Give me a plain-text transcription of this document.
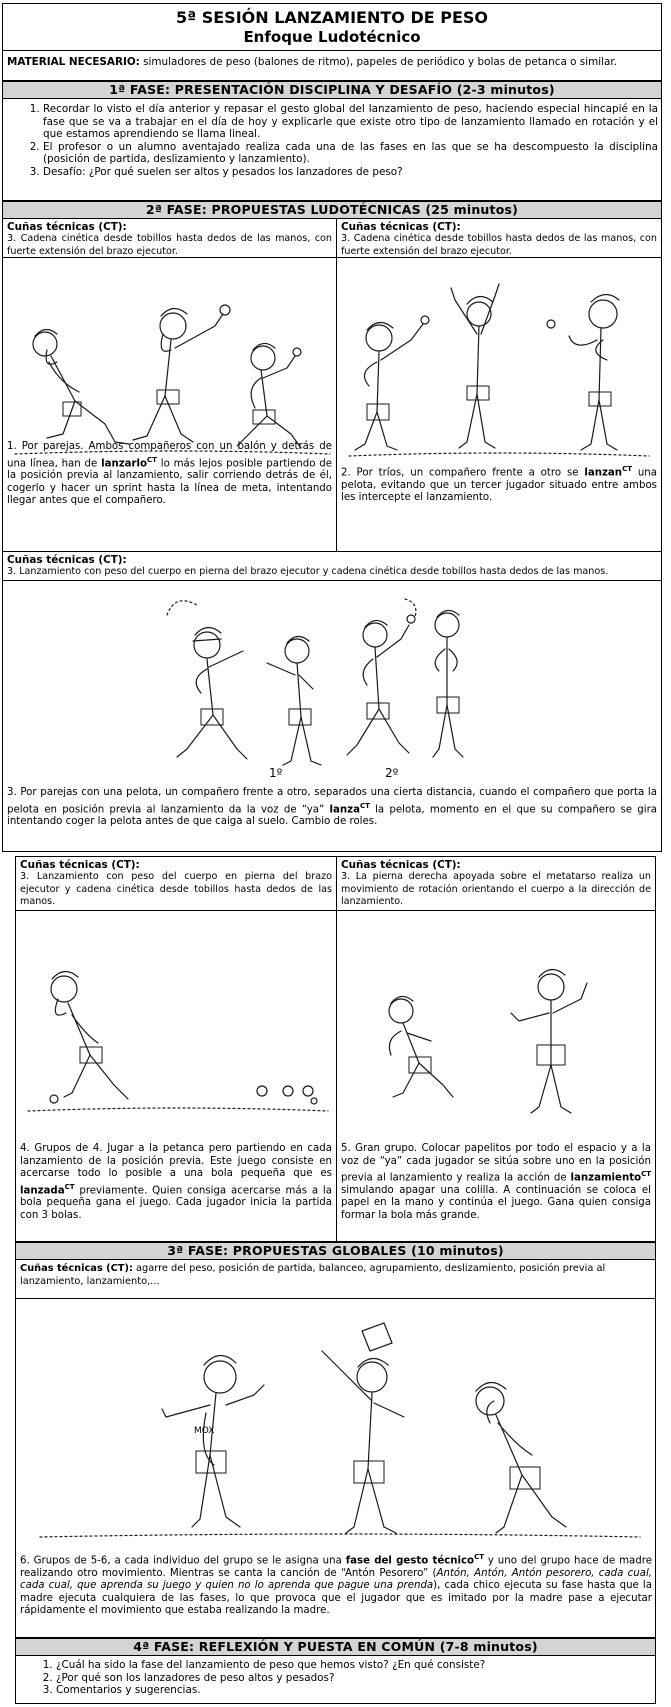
5ª SESIÓN LANZAMIENTO DE PESO
Enfoque Ludotécnico
MATERIAL NECESARIO: simuladores de peso (balones de ritmo), papeles de periódico y bolas de petanca o similar.
1ª FASE: PRESENTACIÓN DISCIPLINA Y DESAFÍO (2-3 minutos)
1. Recordar lo visto el día anterior y repasar el gesto global del lanzamiento de peso, haciendo especial hincapié en la fase que se va a trabajar en el día de hoy y explicarle que existe otro tipo de lanzamiento llamado en rotación y el que estamos aprendiendo se llama lineal.
2. El profesor o un alumno aventajado realiza cada una de las fases en las que se ha descompuesto la disciplina (posición de partida, deslizamiento y lanzamiento).
3. Desafío: ¿Por qué suelen ser altos y pesados los lanzadores de peso?
2ª FASE: PROPUESTAS LUDOTÉCNICAS (25 minutos)
Cuñas técnicas (CT):
3. Cadena cinética desde tobillos hasta dedos de las manos, con fuerte extensión del brazo ejecutor.
Cuñas técnicas (CT):
3. Cadena cinética desde tobillos hasta dedos de las manos, con fuerte extensión del brazo ejecutor.
1. Por parejas. Ambos compañeros con un balón y detrás de una línea, han de lanzarlo$^{CT}$ lo más lejos posible partiendo de la posición previa al lanzamiento, salir corriendo detrás de él, cogerlo y hacer un sprint hasta la línea de meta, intentando llegar antes que el compañero.
2. Por tríos, un compañero frente a otro se lanzan$^{CT}$ una pelota, evitando que un tercer jugador situado entre ambos les intercepte el lanzamiento.
Cuñas técnicas (CT):
3. Lanzamiento con peso del cuerpo en pierna del brazo ejecutor y cadena cinética desde tobillos hasta dedos de las manos.
1º	2º
3. Por parejas con una pelota, un compañero frente a otro, separados una cierta distancia, cuando el compañero que porta la pelota en posición previa al lanzamiento da la voz de “ya” lanza$^{CT}$ la pelota, momento en el que su compañero se gira intentando coger la pelota antes de que caiga al suelo. Cambio de roles.
Cuñas técnicas (CT):
3. Lanzamiento con peso del cuerpo en pierna del brazo ejecutor y cadena cinética desde tobillos hasta dedos de las manos.
Cuñas técnicas (CT):
3. La pierna derecha apoyada sobre el metatarso realiza un movimiento de rotación orientando el cuerpo a la dirección de lanzamiento.
4. Grupos de 4. Jugar a la petanca pero partiendo en cada lanzamiento de la posición previa. Este juego consiste en acercarse todo lo posible a una bola pequeña que es lanzada$^{CT}$ previamente. Quien consiga acercarse más a la bola pequeña gana el juego. Cada jugador inicia la partida con 3 bolas.
5. Gran grupo. Colocar papelitos por todo el espacio y a la voz de “ya” cada jugador se sitúa sobre uno en la posición previa al lanzamiento y realiza la acción de lanzamiento$^{CT}$ simulando apagar una colilla. A continuación se coloca el papel en la mano y continúa el juego. Gana quien consiga formar la bola más grande.
3ª FASE: PROPUESTAS GLOBALES (10 minutos)
Cuñas técnicas (CT): agarre del peso, posición de partida, balanceo, agrupamiento, deslizamiento, posición previa al lanzamiento, lanzamiento,...
MOX
6. Grupos de 5-6, a cada individuo del grupo se le asigna una fase del gesto técnico$^{CT}$ y uno del grupo hace de madre realizando otro movimiento. Mientras se canta la canción de “Antón Pesorero” (Antón, Antón, Antón pesorero, cada cual, cada cual, que aprenda su juego y quien no lo aprenda que pague una prenda), cada chico ejecuta su fase hasta que la madre ejecuta cualquiera de las fases, lo que provoca que el jugador que es imitado por la madre pase a ejecutar rápidamente el movimiento que estaba realizando la madre.
4ª FASE: REFLEXIÓN Y PUESTA EN COMÚN (7-8 minutos)
1. ¿Cuál ha sido la fase del lanzamiento de peso que hemos visto? ¿En qué consiste?
2. ¿Por qué son los lanzadores de peso altos y pesados?
3. Comentarios y sugerencias.
